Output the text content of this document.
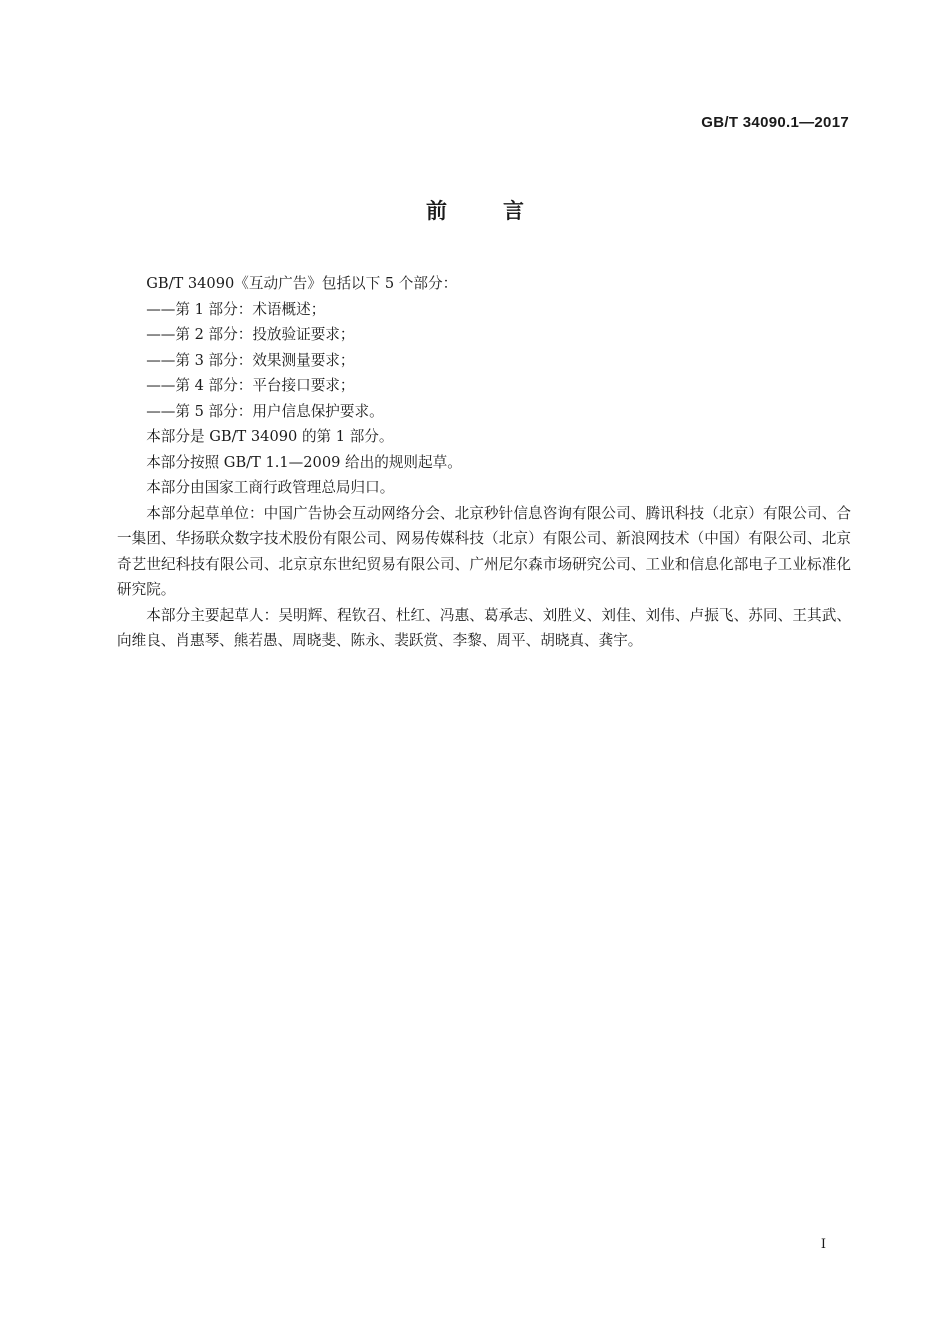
GB/T 34090.1—2017
前言

GB/T 34090《互动广告》包括以下 5 个部分：

——第 1 部分：术语概述；

——第 2 部分：投放验证要求；

——第 3 部分：效果测量要求；

——第 4 部分：平台接口要求；

——第 5 部分：用户信息保护要求。

本部分是 GB/T 34090 的第 1 部分。

本部分按照 GB/T 1.1—2009 给出的规则起草。

本部分由国家工商行政管理总局归口。

本部分起草单位：中国广告协会互动网络分会、北京秒针信息咨询有限公司、腾讯科技（北京）有限公司、合一集团、华扬联众数字技术股份有限公司、网易传媒科技（北京）有限公司、新浪网技术（中国）有限公司、北京奇艺世纪科技有限公司、北京京东世纪贸易有限公司、广州尼尔森市场研究公司、工业和信息化部电子工业标准化研究院。

本部分主要起草人：吴明辉、程钦召、杜红、冯惠、葛承志、刘胜义、刘佳、刘伟、卢振飞、苏同、王其武、向维良、肖惠琴、熊若愚、周晓斐、陈永、裴跃赏、李黎、周平、胡晓真、龚宇。

I
